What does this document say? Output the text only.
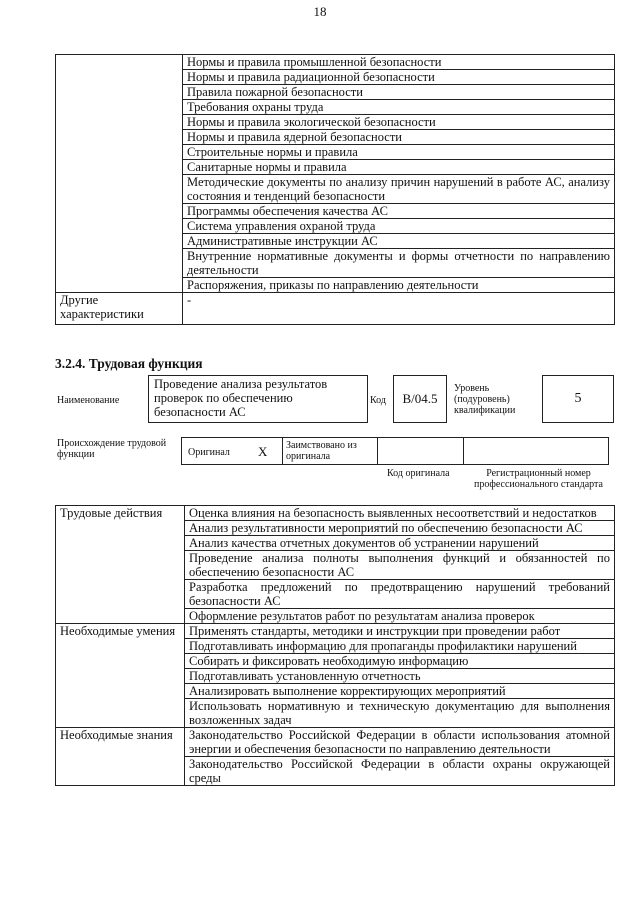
18
	Нормы и правила промышленной безопасности
	Нормы и правила радиационной безопасности
	Правила пожарной безопасности
	Требования охраны труда
	Нормы и правила экологической безопасности
	Нормы и правила ядерной безопасности
	Строительные нормы и правила
	Санитарные нормы и правила
	Методические документы по анализу причин нарушений в работе АС, анализу состояния и тенденций безопасности
	Программы обеспечения качества АС
	Система управления охраной труда
	Административные инструкции АС
	Внутренние нормативные документы и формы отчетности по направлению деятельности
	Распоряжения, приказы по направлению деятельности
Другие характеристики	-
3.2.4. Трудовая функция
Наименование
Проведение анализа результатов проверок по обеспечению безопасности АС
Код	B/04.5
Уровень (подуровень) квалификации
5
Происхождение трудовой функции	Оригинал X Заимствовано из оригинала
Код оригинала	Регистрационный номер профессионального стандарта
Трудовые действия	Оценка влияния на безопасность выявленных несоответствий и недостатков
	Анализ результативности мероприятий по обеспечению безопасности АС
	Анализ качества отчетных документов об устранении нарушений
	Проведение анализа полноты выполнения функций и обязанностей по обеспечению безопасности АС
	Разработка предложений по предотвращению нарушений требований безопасности АС
	Оформление результатов работ по результатам анализа проверок
Необходимые умения	Применять стандарты, методики и инструкции при проведении работ
	Подготавливать информацию для пропаганды профилактики нарушений
	Собирать и фиксировать необходимую информацию
	Подготавливать установленную отчетность
	Анализировать выполнение корректирующих мероприятий
	Использовать нормативную и техническую документацию для выполнения возложенных задач
Необходимые знания	Законодательство Российской Федерации в области использования атомной энергии и обеспечения безопасности по направлению деятельности
	Законодательство Российской Федерации в области охраны окружающей среды
